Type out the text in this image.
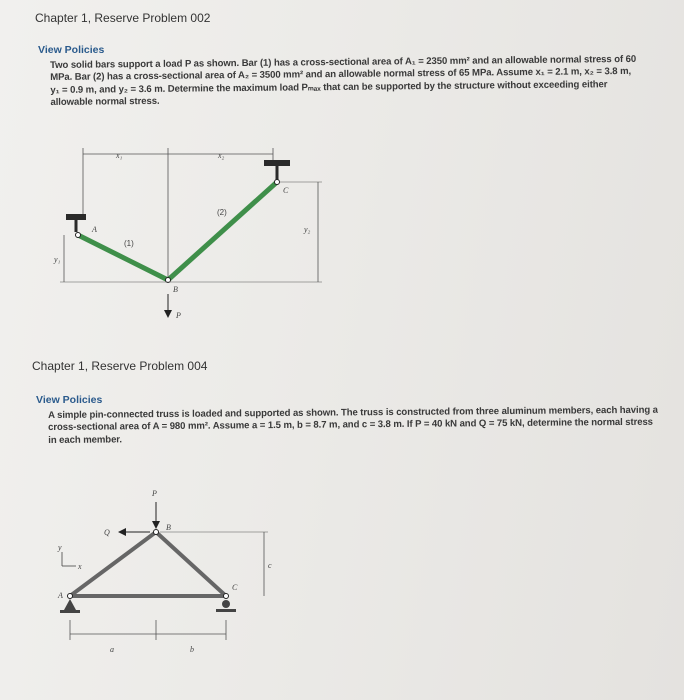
Chapter 1, Reserve Problem 002
View Policies
Two solid bars support a load P as shown. Bar (1) has a cross-sectional area of A₁ = 2350 mm² and an allowable normal stress of 60 MPa. Bar (2) has a cross-sectional area of A₂ = 3500 mm² and an allowable normal stress of 65 MPa. Assume x₁ = 2.1 m, x₂ = 3.8 m, y₁ = 0.9 m, and y₂ = 3.6 m. Determine the maximum load Pₘₐₓ that can be supported by the structure without exceeding either allowable normal stress.
x₁	x₂
A
B
C
(1)
(2)
P
y₁
y₂
Chapter 1, Reserve Problem 004
View Policies
A simple pin-connected truss is loaded and supported as shown. The truss is constructed from three aluminum members, each having a cross-sectional area of A = 980 mm². Assume a = 1.5 m, b = 8.7 m, and c = 3.8 m. If P = 40 kN and Q = 75 kN, determine the normal stress in each member.
y
x
A
B
C
P
Q
c
a	b
